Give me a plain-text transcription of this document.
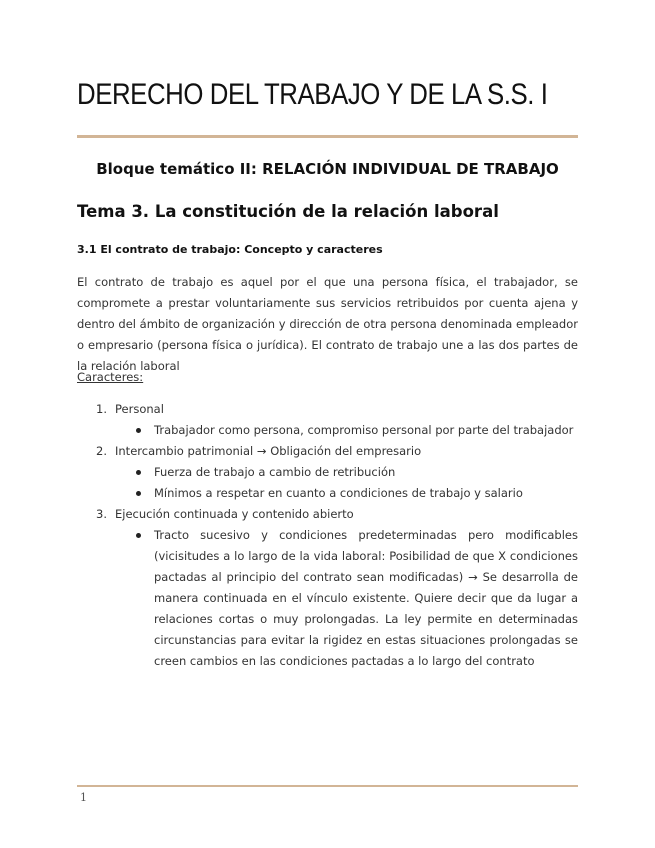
DERECHO DEL TRABAJO Y DE LA S.S. I
Bloque temático II: RELACIÓN INDIVIDUAL DE TRABAJO
Tema 3. La constitución de la relación laboral
3.1 El contrato de trabajo: Concepto y caracteres

El contrato de trabajo es aquel por el que una persona física, el trabajador, se compromete a prestar voluntariamente sus servicios retribuidos por cuenta ajena y dentro del ámbito de organización y dirección de otra persona denominada empleador o empresario (persona física o jurídica). El contrato de trabajo une a las dos partes de la relación laboral

Caracteres:

1. Personal
Trabajador como persona, compromiso personal por parte del trabajador
2. Intercambio patrimonial → Obligación del empresario
Fuerza de trabajo a cambio de retribución
Mínimos a respetar en cuanto a condiciones de trabajo y salario
3. Ejecución continuada y contenido abierto
Tracto sucesivo y condiciones predeterminadas pero modificables (vicisitudes a lo largo de la vida laboral: Posibilidad de que X condiciones pactadas al principio del contrato sean modificadas) → Se desarrolla de manera continuada en el vínculo existente. Quiere decir que da lugar a relaciones cortas o muy prolongadas. La ley permite en determinadas circunstancias para evitar la rigidez en estas situaciones prolongadas se creen cambios en las condiciones pactadas a lo largo del contrato

1
